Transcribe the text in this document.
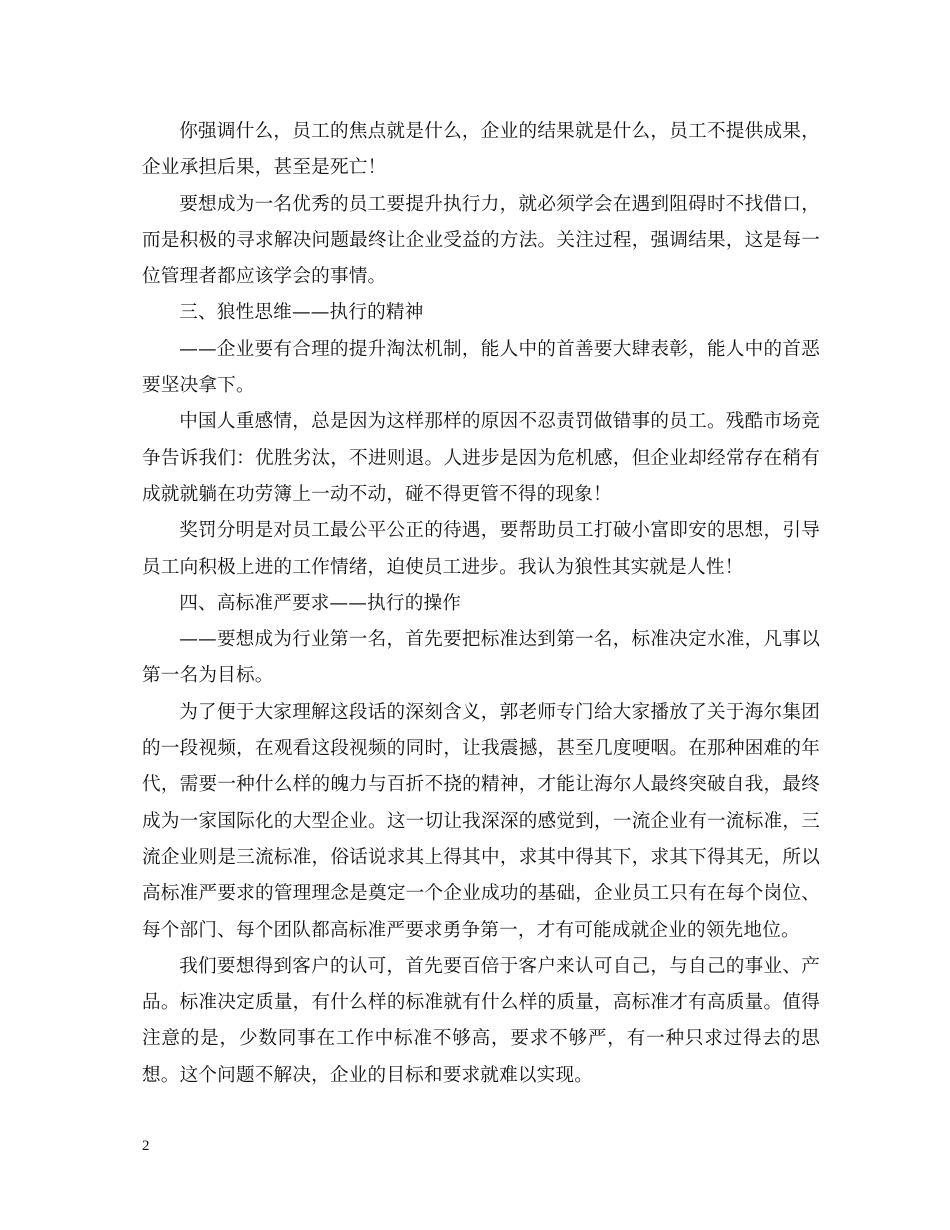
你强调什么，员工的焦点就是什么，企业的结果就是什么，员工不提供成果，企业承担后果，甚至是死亡！

要想成为一名优秀的员工要提升执行力，就必须学会在遇到阻碍时不找借口，而是积极的寻求解决问题最终让企业受益的方法。关注过程，强调结果，这是每一位管理者都应该学会的事情。

三、狼性思维——执行的精神

——企业要有合理的提升淘汰机制，能人中的首善要大肆表彰，能人中的首恶要坚决拿下。

中国人重感情，总是因为这样那样的原因不忍责罚做错事的员工。残酷市场竞争告诉我们：优胜劣汰，不进则退。人进步是因为危机感，但企业却经常存在稍有成就就躺在功劳簿上一动不动，碰不得更管不得的现象！

奖罚分明是对员工最公平公正的待遇，要帮助员工打破小富即安的思想，引导员工向积极上进的工作情绪，迫使员工进步。我认为狼性其实就是人性！

四、高标准严要求——执行的操作

——要想成为行业第一名，首先要把标准达到第一名，标准决定水准，凡事以第一名为目标。

为了便于大家理解这段话的深刻含义，郭老师专门给大家播放了关于海尔集团的一段视频，在观看这段视频的同时，让我震撼，甚至几度哽咽。在那种困难的年代，需要一种什么样的魄力与百折不挠的精神，才能让海尔人最终突破自我，最终成为一家国际化的大型企业。这一切让我深深的感觉到，一流企业有一流标准，三流企业则是三流标准，俗话说求其上得其中，求其中得其下，求其下得其无，所以高标准严要求的管理理念是奠定一个企业成功的基础，企业员工只有在每个岗位、每个部门、每个团队都高标准严要求勇争第一，才有可能成就企业的领先地位。

我们要想得到客户的认可，首先要百倍于客户来认可自己，与自己的事业、产品。标准决定质量，有什么样的标准就有什么样的质量，高标准才有高质量。值得注意的是，少数同事在工作中标准不够高，要求不够严，有一种只求过得去的思想。这个问题不解决，企业的目标和要求就难以实现。

2
